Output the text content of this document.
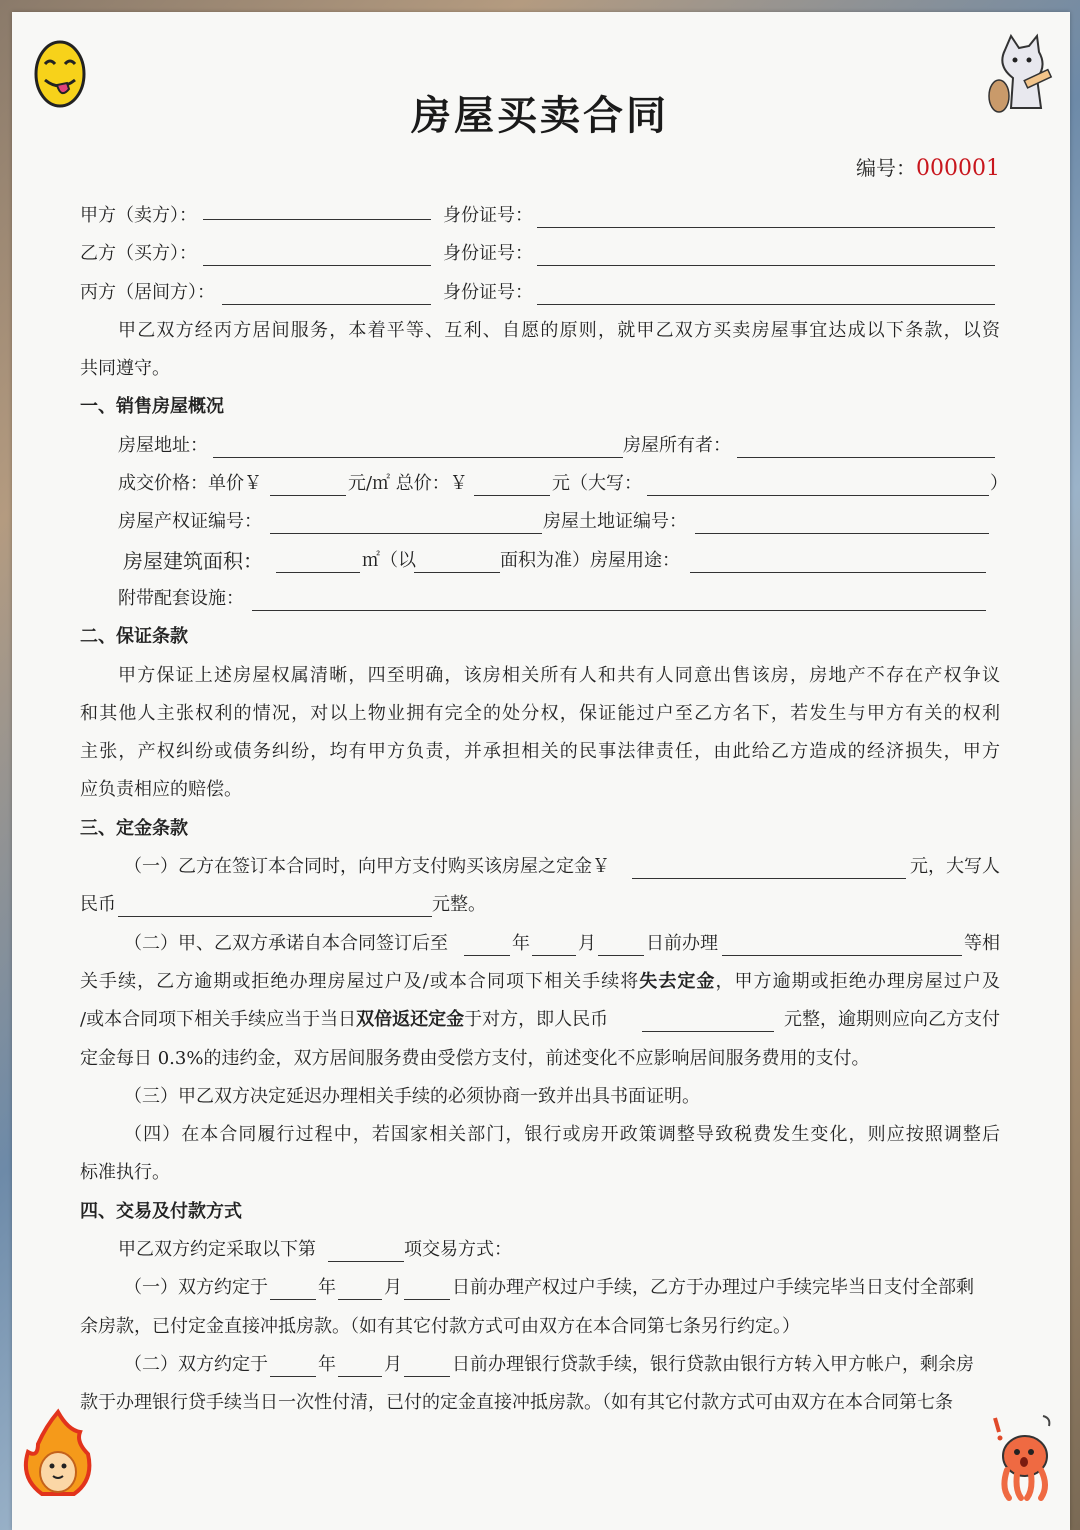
房屋买卖合同
编号：000001
甲方（卖方）：	身份证号：
乙方（买方）：	身份证号：
丙方（居间方）：	身份证号：
甲乙双方经丙方居间服务，本着平等、互利、自愿的原则，就甲乙双方买卖房屋事宜达成以下条款，以资
共同遵守。
一、销售房屋概况
房屋地址：	房屋所有者：
成交价格：单价￥	元/㎡ 总价：￥	元（大写：	）
房屋产权证编号：	房屋土地证编号：
房屋建筑面积：	㎡（以	面积为准）房屋用途：
附带配套设施：
二、保证条款
甲方保证上述房屋权属清晰，四至明确，该房相关所有人和共有人同意出售该房，房地产不存在产权争议
和其他人主张权利的情况，对以上物业拥有完全的处分权，保证能过户至乙方名下，若发生与甲方有关的权利
主张，产权纠纷或债务纠纷，均有甲方负责，并承担相关的民事法律责任，由此给乙方造成的经济损失，甲方
应负责相应的赔偿。
三、定金条款
（一）乙方在签订本合同时，向甲方支付购买该房屋之定金￥	元，大写人
民币	元整。
（二）甲、乙双方承诺自本合同签订后至	年	月	日前办理	等相
关手续，乙方逾期或拒绝办理房屋过户及/或本合同项下相关手续将失去定金，甲方逾期或拒绝办理房屋过户及
/或本合同项下相关手续应当于当日双倍返还定金于对方，即人民币	元整，逾期则应向乙方支付
定金每日 0.3%的违约金，双方居间服务费由受偿方支付，前述变化不应影响居间服务费用的支付。
（三）甲乙双方决定延迟办理相关手续的必须协商一致并出具书面证明。
（四）在本合同履行过程中，若国家相关部门，银行或房开政策调整导致税费发生变化，则应按照调整后
标准执行。
四、交易及付款方式
甲乙双方约定采取以下第	项交易方式：
（一）双方约定于	年	月	日前办理产权过户手续，乙方于办理过户手续完毕当日支付全部剩
余房款，已付定金直接冲抵房款。（如有其它付款方式可由双方在本合同第七条另行约定。）
（二）双方约定于	年	月	日前办理银行贷款手续，银行贷款由银行方转入甲方帐户，剩余房
款于办理银行贷手续当日一次性付清，已付的定金直接冲抵房款。（如有其它付款方式可由双方在本合同第七条
